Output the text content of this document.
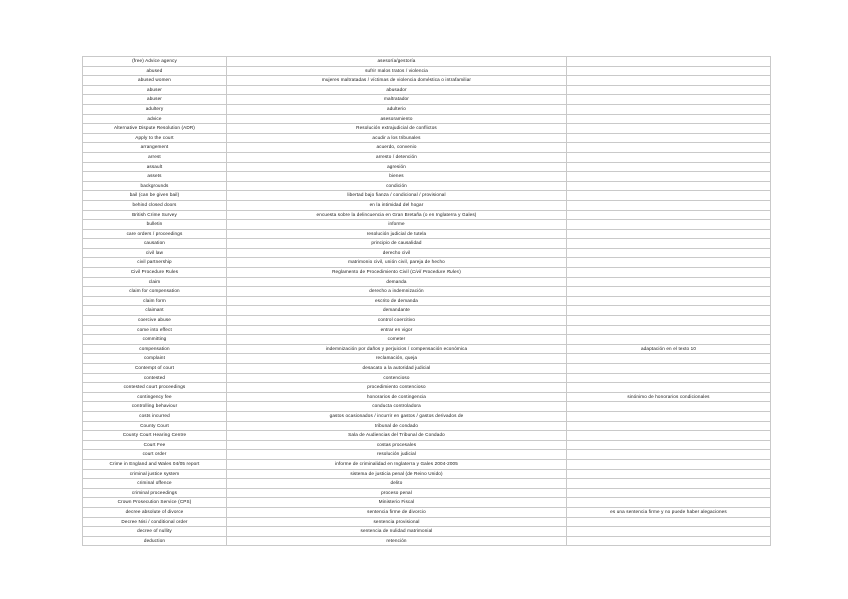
(free) Advice agency	asesoría/gestoría	
abused	sufrir malos tratos / violencia	
abused women	mujeres maltratadas / víctimas de violencia doméstica o intrafamiliar	
abuser	abusador	
abuser	maltratador	
adultery	adulterio	
advice	asesoramiento	
Alternative Dispute Resolution (ADR)	Resolución extrajudicial de conflictos	
Apply to the court	acudir a los tribunales	
arrangement	acuerdo, convenio	
arrest	arresto / detención	
assault	agresión	
assets	bienes	
backgrounds	condición	
bail (can be given bail)	libertad bajo fianza / condicional / provisional	
behind closed doors	en la intimidad del hogar	
British Crime Survey	encuesta sobre la delincuencia en Gran Bretaña (o en Inglaterra y Gales)	
bulletin	informe	
care orders / proceedings	resolución judicial de tutela	
causation	principio de causalidad	
civil law	derecho civil	
civil partnership	matrimonio civil, unión civil, pareja de hecho	
Civil Procedure Rules	Reglamento de Procedimiento Civil (Civil Procedure Rules)	
claim	demanda	
claim for compensation	derecho a indemnización	
claim form	escrito de demanda	
claimant	demandante	
coercive abuse	control coercitivo	
come into effect	entrar en vigor	
committing	cometer	
compensation	indemnización por daños y perjuicios / compensación económica	adaptación en el texto 10
complaint	reclamación, queja	
Contempt of court	desacato a la autoridad judicial	
contested	contencioso	
contested court proceedings	procedimiento contencioso	
contingency fee	honorarios de contingencia	sinónimo de honorarios condicionales
controlling behaviour	conducta controladora	
costs incurred	gastos ocasionados / incurrir en gastos / gastos derivados de	
County Court	tribunal de condado	
County Court Hearing Centre	Sala de Audiencias del Tribunal de Condado	
Court Fee	costas procesales	
court order	resolución judicial	
Crime in England and Wales 04/05 report	informe de criminalidad en Inglaterra y Gales 2004-2005	
criminal justice system	sistema de justicia penal (de Reino Unido)	
criminal offence	delito	
criminal proceedings	proceso penal	
Crown Prosecution Service (CPS)	Ministerio Fiscal	
decree absolute of divorce	sentencia firme de divorcio	es una sentencia firme y no puede haber alegaciones
Decree Nisi / conditional order	sentencia provisional	
decree of nullity	sentencia de nulidad matrimonial	
deduction	retención	
